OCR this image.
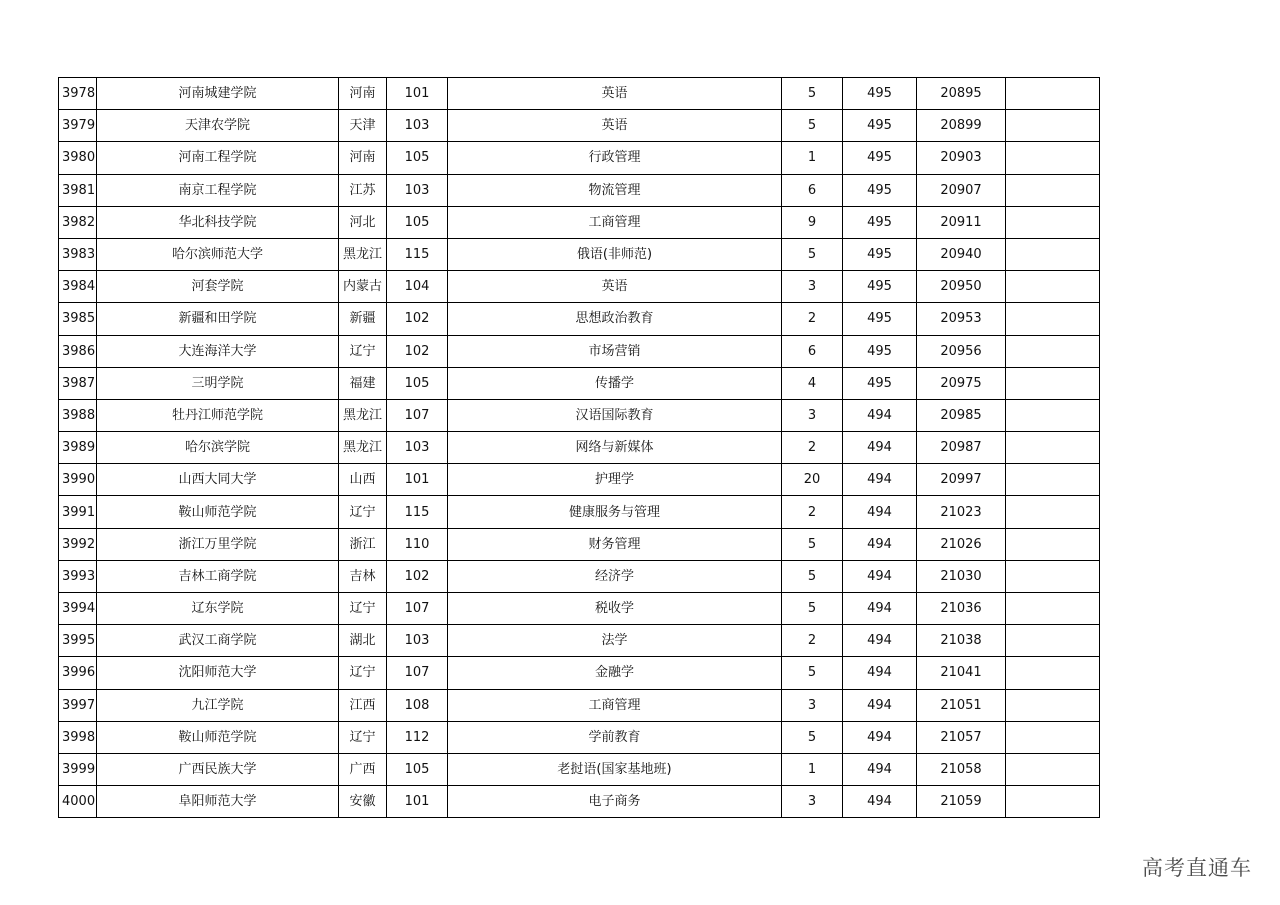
3978	河南城建学院	河南	101	英语	5	495	20895	
3979	天津农学院	天津	103	英语	5	495	20899	
3980	河南工程学院	河南	105	行政管理	1	495	20903	
3981	南京工程学院	江苏	103	物流管理	6	495	20907	
3982	华北科技学院	河北	105	工商管理	9	495	20911	
3983	哈尔滨师范大学	黑龙江	115	俄语(非师范)	5	495	20940	
3984	河套学院	内蒙古	104	英语	3	495	20950	
3985	新疆和田学院	新疆	102	思想政治教育	2	495	20953	
3986	大连海洋大学	辽宁	102	市场营销	6	495	20956	
3987	三明学院	福建	105	传播学	4	495	20975	
3988	牡丹江师范学院	黑龙江	107	汉语国际教育	3	494	20985	
3989	哈尔滨学院	黑龙江	103	网络与新媒体	2	494	20987	
3990	山西大同大学	山西	101	护理学	20	494	20997	
3991	鞍山师范学院	辽宁	115	健康服务与管理	2	494	21023	
3992	浙江万里学院	浙江	110	财务管理	5	494	21026	
3993	吉林工商学院	吉林	102	经济学	5	494	21030	
3994	辽东学院	辽宁	107	税收学	5	494	21036	
3995	武汉工商学院	湖北	103	法学	2	494	21038	
3996	沈阳师范大学	辽宁	107	金融学	5	494	21041	
3997	九江学院	江西	108	工商管理	3	494	21051	
3998	鞍山师范学院	辽宁	112	学前教育	5	494	21057	
3999	广西民族大学	广西	105	老挝语(国家基地班)	1	494	21058	
4000	阜阳师范大学	安徽	101	电子商务	3	494	21059	
高考直通车
